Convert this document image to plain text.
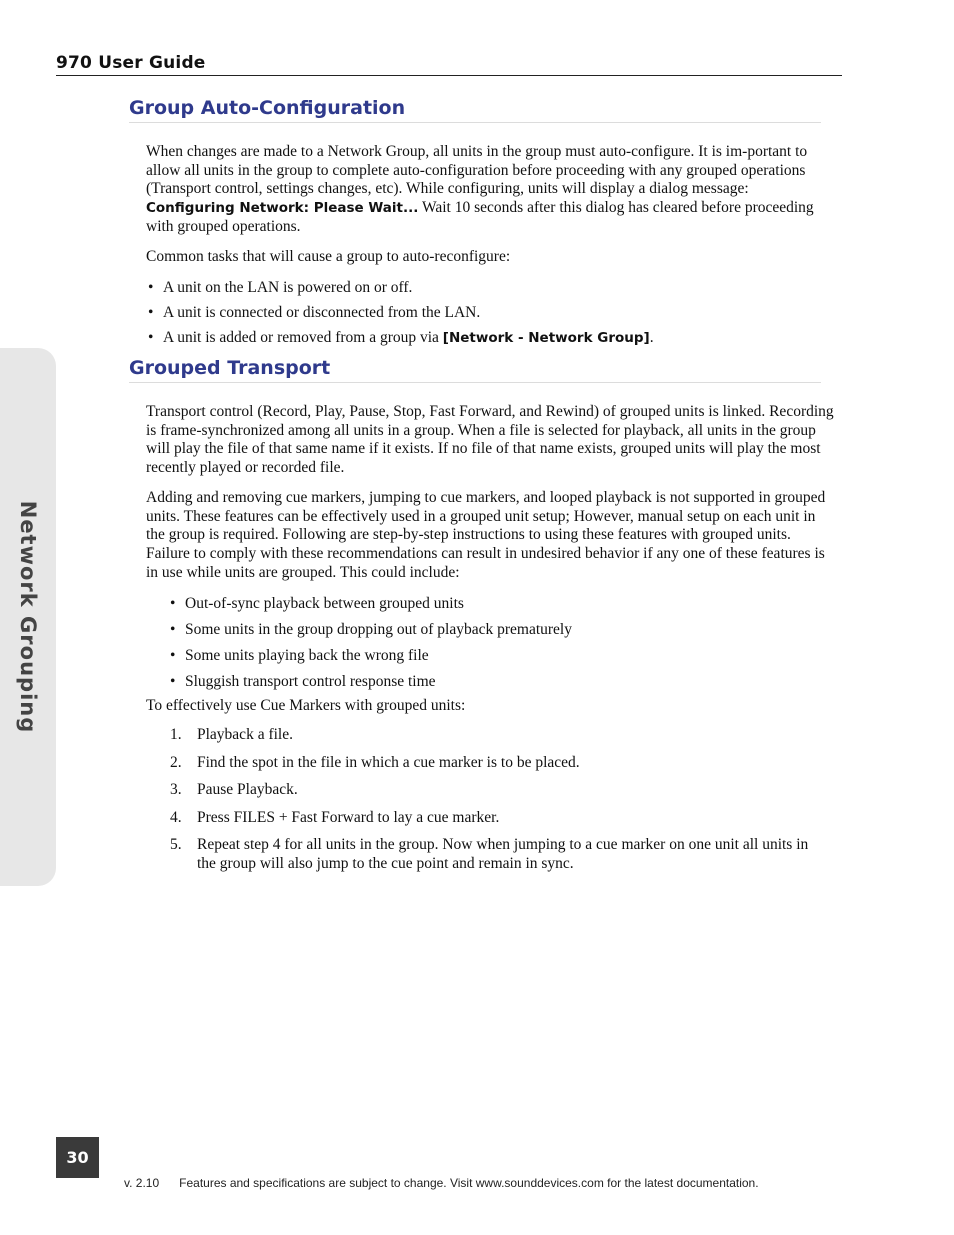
970 User Guide
Network Grouping
Group Auto-Configuration

When changes are made to a Network Group, all units in the group must auto-configure. It is im-portant to allow all units in the group to complete auto-configuration before proceeding with any grouped operations (Transport control, settings changes, etc). While configuring, units will display a dialog message: Configuring Network: Please Wait... Wait 10 seconds after this dialog has cleared before proceeding with grouped operations.

Common tasks that will cause a group to auto-reconfigure:
• A unit on the LAN is powered on or off.
• A unit is connected or disconnected from the LAN.
• A unit is added or removed from a group via [Network - Network Group].
Grouped Transport
Transport control (Record, Play, Pause, Stop, Fast Forward, and Rewind) of grouped units is linked. Recording is frame-synchronized among all units in a group. When a file is selected for playback, all units in the group will play the file of that same name if it exists. If no file of that name exists, grouped units will play the most recently played or recorded file.
Adding and removing cue markers, jumping to cue markers, and looped playback is not supported in grouped units. These features can be effectively used in a grouped unit setup; However, manual setup on each unit in the group is required. Following are step-by-step instructions to using these features with grouped units. Failure to comply with these recommendations can result in undesired behavior if any one of these features is in use while units are grouped. This could include:
• Out-of-sync playback between grouped units
• Some units in the group dropping out of playback prematurely
• Some units playing back the wrong file
• Sluggish transport control response time
To effectively use Cue Markers with grouped units:
1. Playback a file.
2. Find the spot in the file in which a cue marker is to be placed.
3. Pause Playback.
4. Press FILES + Fast Forward to lay a cue marker.
5. Repeat step 4 for all units in the group. Now when jumping to a cue marker on one unit all units in the group will also jump to the cue point and remain in sync.
30
v. 2.10 Features and specifications are subject to change. Visit www.sounddevices.com for the latest documentation.
